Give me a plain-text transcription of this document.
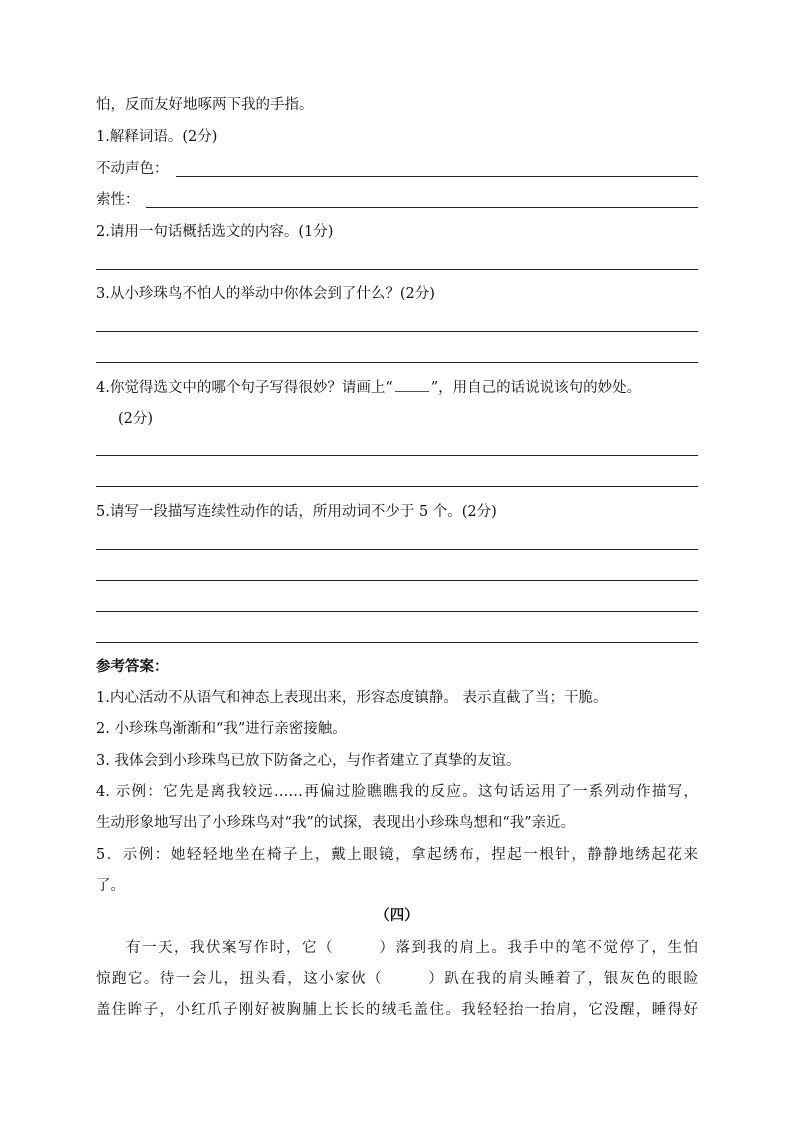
怕，反而友好地啄两下我的手指。
1.解释词语。(2分)
不动声色：
索性：
2.请用一句话概括选文的内容。(1分)
3.从小珍珠鸟不怕人的举动中你体会到了什么？(2分)
4.你觉得选文中的哪个句子写得很妙？请画上“	”，用自己的话说说该句的妙处。
(2分)
5.请写一段描写连续性动作的话，所用动词不少于 5 个。(2分)
参考答案：
1.内心活动不从语气和神态上表现出来，形容态度镇静。 表示直截了当；干脆。
2. 小珍珠鸟渐渐和“我”进行亲密接触。
3. 我体会到小珍珠鸟已放下防备之心，与作者建立了真挚的友谊。
4. 示例：它先是离我较远……再偏过脸瞧瞧我的反应。这句话运用了一系列动作描写，
生动形象地写出了小珍珠鸟对“我”的试探，表现出小珍珠鸟想和“我”亲近。
5．示例：她轻轻地坐在椅子上，戴上眼镜，拿起绣布，捏起一根针，静静地绣起花来
了。
（四）
有一天，我伏案写作时，它（	）落到我的肩上。我手中的笔不觉停了，生怕
惊跑它。待一会儿，扭头看，这小家伙（	）趴在我的肩头睡着了，银灰色的眼睑
盖住眸子，小红爪子刚好被胸脯上长长的绒毛盖住。我轻轻抬一抬肩，它没醒，睡得好
